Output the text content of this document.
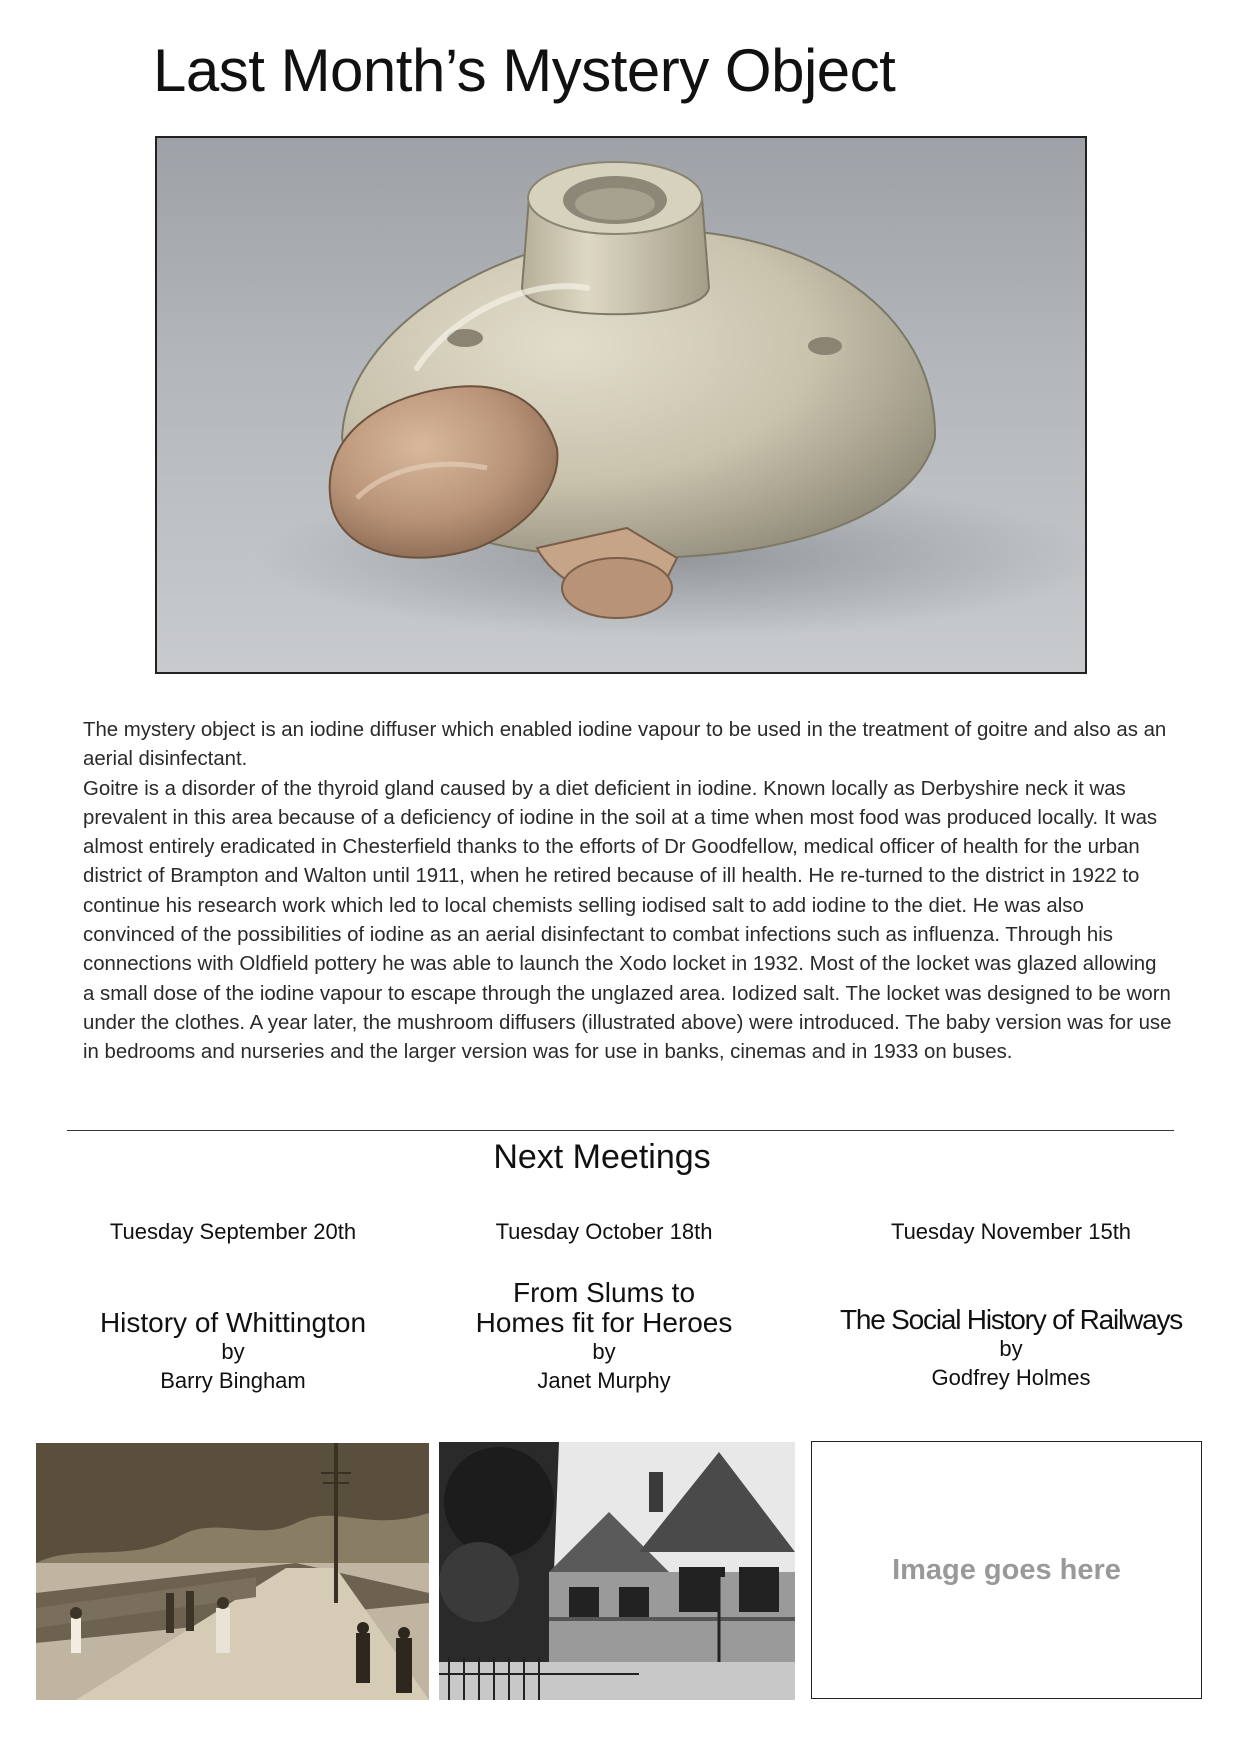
Last Month’s Mystery Object

The mystery object is an iodine diffuser which enabled iodine vapour to be used in the treatment of goitre and also as an aerial disinfectant.

Goitre is a disorder of the thyroid gland caused by a diet deficient in iodine. Known locally as Derbyshire neck it was prevalent in this area because of a deficiency of iodine in the soil at a time when most food was produced locally. It was almost entirely eradicated in Chesterfield thanks to the efforts of Dr Goodfellow, medical officer of health for the urban district of Brampton and Walton until 1911, when he retired because of ill health. He re-turned to the district in 1922 to continue his research work which led to local chemists selling iodised salt to add iodine to the diet. He was also convinced of the possibilities of iodine as an aerial disinfectant to combat infections such as influenza. Through his connections with Oldfield pottery he was able to launch the Xodo locket in 1932. Most of the locket was glazed allowing a small dose of the iodine vapour to escape through the unglazed area. Iodized salt. The locket was designed to be worn under the clothes. A year later, the mushroom diffusers (illustrated above) were introduced. The baby version was for use in bedrooms and nurseries and the larger version was for use in banks, cinemas and in 1933 on buses.

Next Meetings
Tuesday September 20th
History of Whittington
by
Barry Bingham
Tuesday October 18th
From Slums to
Homes fit for Heroes
by
Janet Murphy
Tuesday November 15th
The Social History of Railways
by
Godfrey Holmes
Image goes here
